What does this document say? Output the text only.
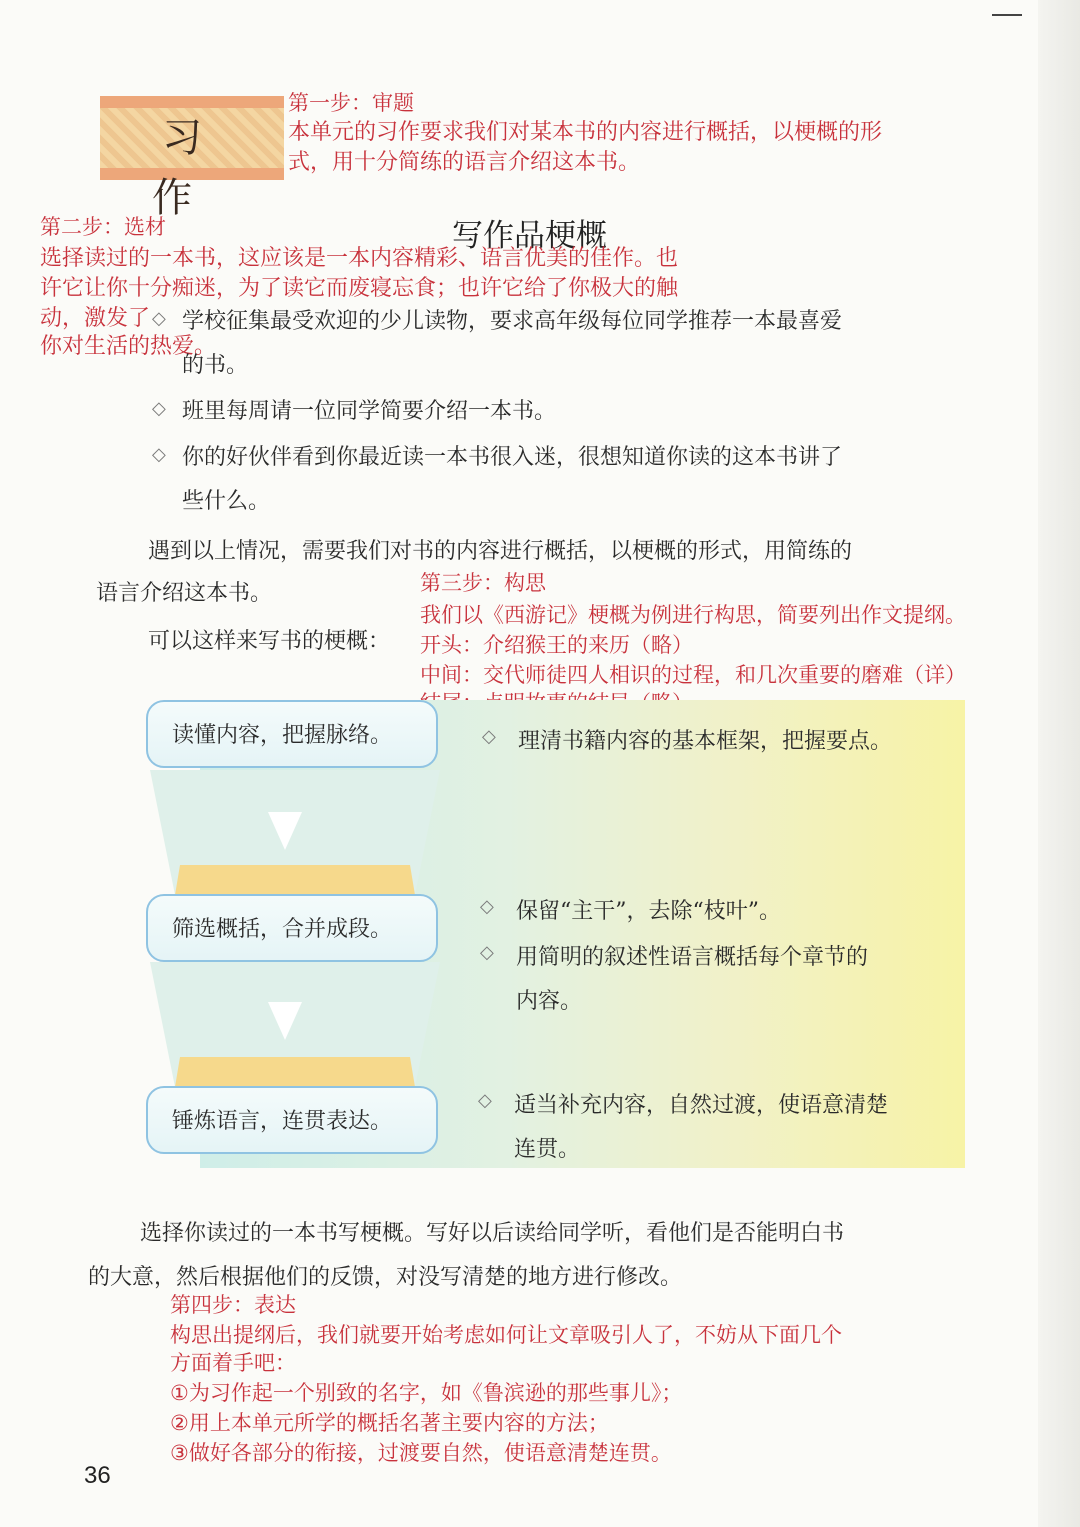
习 作
第一步：审题
本单元的习作要求我们对某本书的内容进行概括，以梗概的形
式，用十分简练的语言介绍这本书。
写作品梗概
第二步：选材
选择读过的一本书，这应该是一本内容精彩、语言优美的佳作。也
许它让你十分痴迷，为了读它而废寝忘食；也许它给了你极大的触
动，激发了
你对生活的热爱。
◇ 学校征集最受欢迎的少儿读物，要求高年级每位同学推荐一本最喜爱
的书。
◇ 班里每周请一位同学简要介绍一本书。
◇ 你的好伙伴看到你最近读一本书很入迷，很想知道你读的这本书讲了
些什么。
遇到以上情况，需要我们对书的内容进行概括，以梗概的形式，用简练的
语言介绍这本书。
可以这样来写书的梗概：
第三步：构思
我们以《西游记》梗概为例进行构思，简要列出作文提纲。
开头：介绍猴王的来历（略）
中间：交代师徒四人相识的过程，和几次重要的磨难（详）
读懂内容，把握脉络。
筛选概括，合并成段。
锤炼语言，连贯表达。
◇ 理清书籍内容的基本框架，把握要点。
◇ 保留“主干”，去除“枝叶”。
◇ 用简明的叙述性语言概括每个章节的
内容。
◇ 适当补充内容，自然过渡，使语意清楚
连贯。
选择你读过的一本书写梗概。写好以后读给同学听，看他们是否能明白书
的大意，然后根据他们的反馈，对没写清楚的地方进行修改。
第四步：表达
构思出提纲后，我们就要开始考虑如何让文章吸引人了，不妨从下面几个
方面着手吧：
①为习作起一个别致的名字，如《鲁滨逊的那些事儿》；
②用上本单元所学的概括名著主要内容的方法；
③做好各部分的衔接，过渡要自然，使语意清楚连贯。
36
